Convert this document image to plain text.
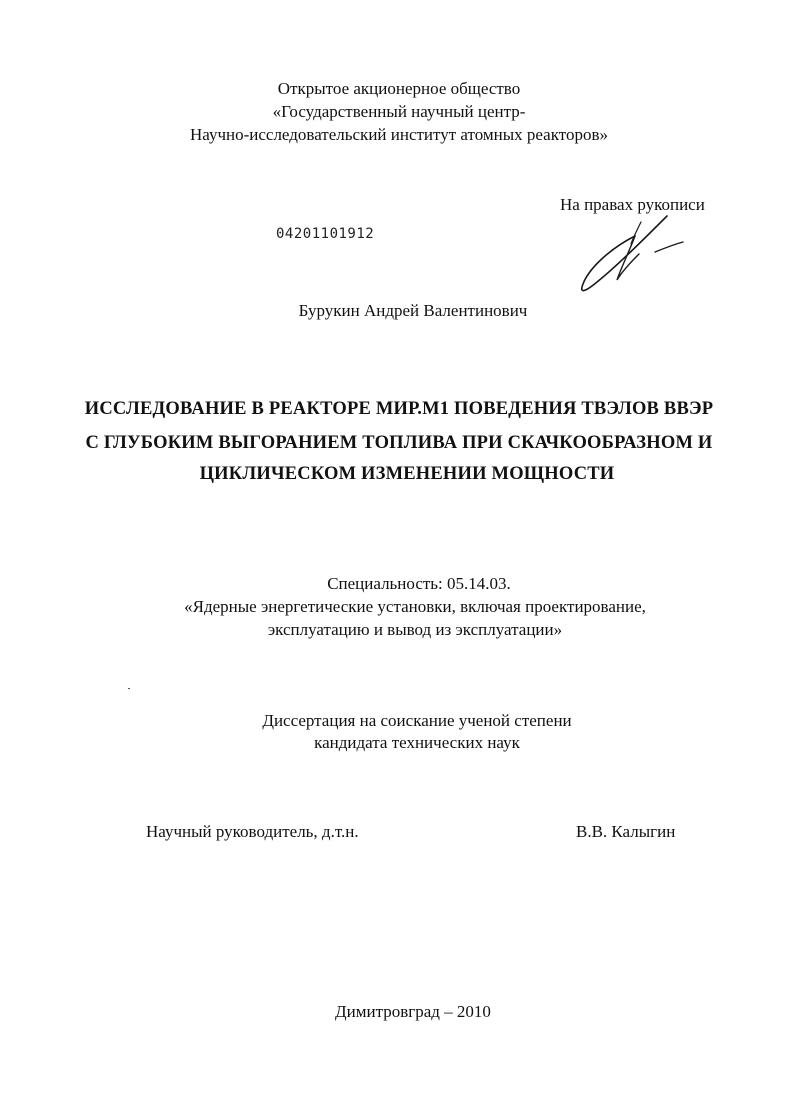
Открытое акционерное общество
«Государственный научный центр-
Научно-исследовательский институт атомных реакторов»
На правах рукописи
04201101912
Бурукин Андрей Валентинович
ИССЛЕДОВАНИЕ В РЕАКТОРЕ МИР.М1 ПОВЕДЕНИЯ ТВЭЛОВ ВВЭР
С ГЛУБОКИМ ВЫГОРАНИЕМ ТОПЛИВА ПРИ СКАЧКООБРАЗНОМ И
ЦИКЛИЧЕСКОМ ИЗМЕНЕНИИ МОЩНОСТИ
Специальность: 05.14.03.
«Ядерные энергетические установки, включая проектирование,
эксплуатацию и вывод из эксплуатации»
Диссертация на соискание ученой степени
кандидата технических наук
Научный руководитель, д.т.н.	В.В. Калыгин
Димитровград – 2010
